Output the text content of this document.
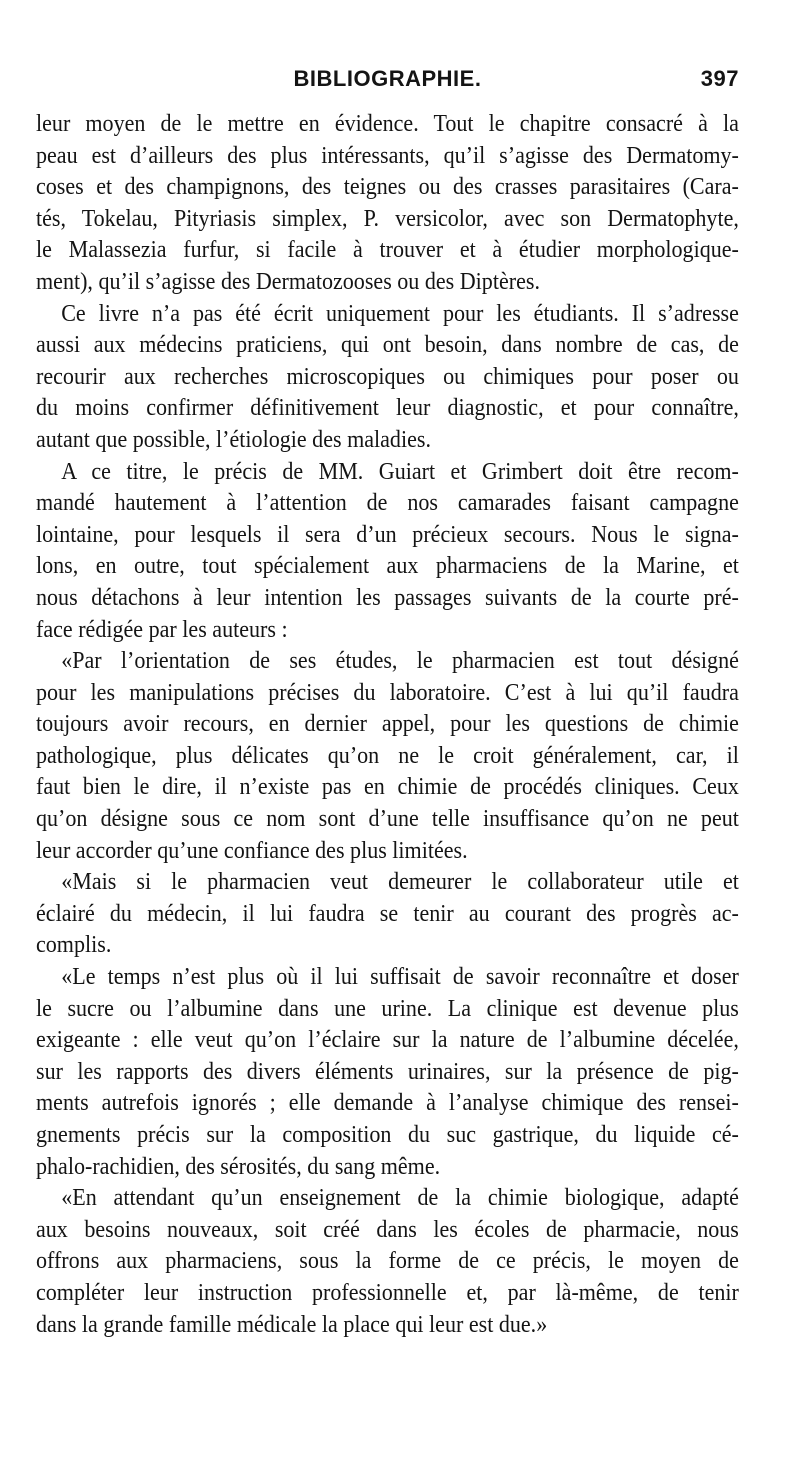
BIBLIOGRAPHIE.	397
leur moyen de le mettre en évidence. Tout le chapitre consacré à la
peau est d’ailleurs des plus intéressants, qu’il s’agisse des Dermatomy-
coses et des champignons, des teignes ou des crasses parasitaires (Cara-
tés, Tokelau, Pityriasis simplex, P. versicolor, avec son Dermatophyte,
le Malassezia furfur, si facile à trouver et à étudier morphologique-
ment), qu’il s’agisse des Dermatozooses ou des Diptères.
Ce livre n’a pas été écrit uniquement pour les étudiants. Il s’adresse
aussi aux médecins praticiens, qui ont besoin, dans nombre de cas, de
recourir aux recherches microscopiques ou chimiques pour poser ou
du moins confirmer définitivement leur diagnostic, et pour connaître,
autant que possible, l’étiologie des maladies.
A ce titre, le précis de MM. Guiart et Grimbert doit être recom-
mandé hautement à l’attention de nos camarades faisant campagne
lointaine, pour lesquels il sera d’un précieux secours. Nous le signa-
lons, en outre, tout spécialement aux pharmaciens de la Marine, et
nous détachons à leur intention les passages suivants de la courte pré-
face rédigée par les auteurs :
«Par l’orientation de ses études, le pharmacien est tout désigné
pour les manipulations précises du laboratoire. C’est à lui qu’il faudra
toujours avoir recours, en dernier appel, pour les questions de chimie
pathologique, plus délicates qu’on ne le croit généralement, car, il
faut bien le dire, il n’existe pas en chimie de procédés cliniques. Ceux
qu’on désigne sous ce nom sont d’une telle insuffisance qu’on ne peut
leur accorder qu’une confiance des plus limitées.
«Mais si le pharmacien veut demeurer le collaborateur utile et
éclairé du médecin, il lui faudra se tenir au courant des progrès ac-
complis.
«Le temps n’est plus où il lui suffisait de savoir reconnaître et doser
le sucre ou l’albumine dans une urine. La clinique est devenue plus
exigeante : elle veut qu’on l’éclaire sur la nature de l’albumine décelée,
sur les rapports des divers éléments urinaires, sur la présence de pig-
ments autrefois ignorés ; elle demande à l’analyse chimique des rensei-
gnements précis sur la composition du suc gastrique, du liquide cé-
phalo-rachidien, des sérosités, du sang même.
«En attendant qu’un enseignement de la chimie biologique, adapté
aux besoins nouveaux, soit créé dans les écoles de pharmacie, nous
offrons aux pharmaciens, sous la forme de ce précis, le moyen de
compléter leur instruction professionnelle et, par là-même, de tenir
dans la grande famille médicale la place qui leur est due.»
